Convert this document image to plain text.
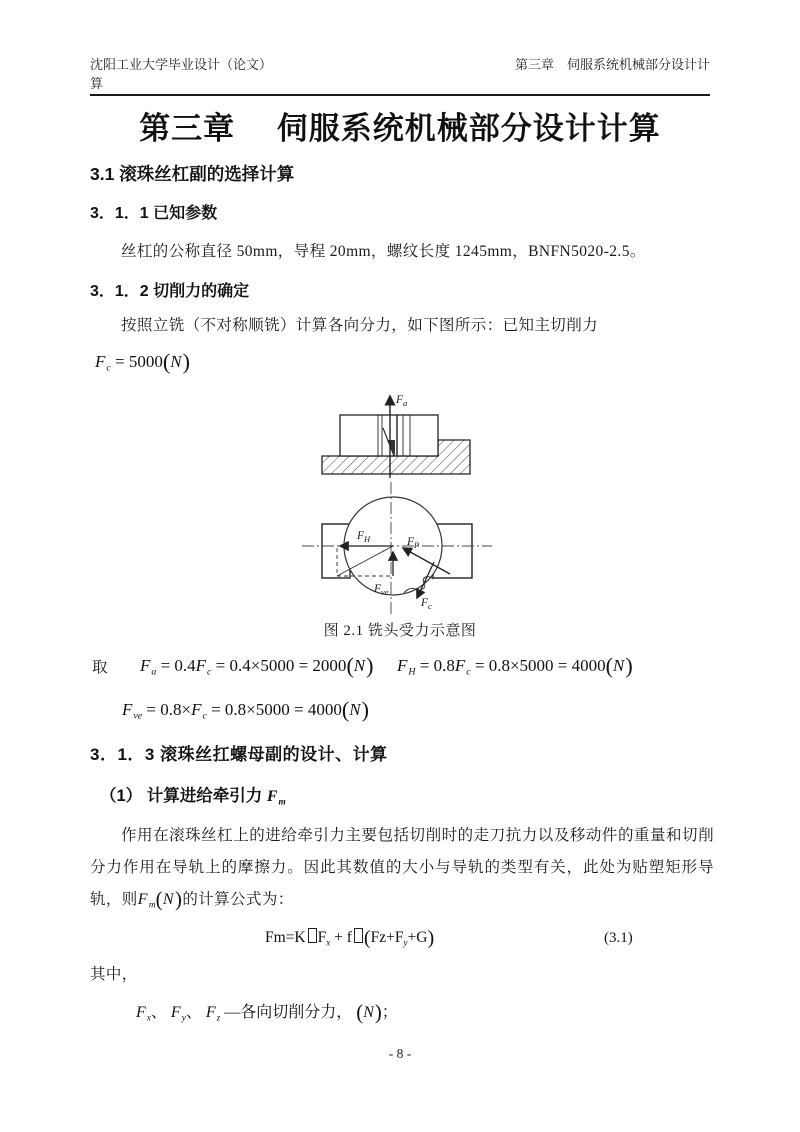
沈阳工业大学毕业设计（论文）	第三章　伺服系统机械部分设计计
算
第三章　 伺服系统机械部分设计计算
3.1 滚珠丝杠副的选择计算
3．1．1 已知参数
丝杠的公称直径 50mm，导程 20mm，螺纹长度 1245mm，BNFN5020-2.5。
3．1．2 切削力的确定
按照立铣（不对称顺铣）计算各向分力，如下图所示：已知主切削力
$F_c = 5000(N)$
$F_a$
$F_H$
$F_{ve}$
$F_P$
$F_c$
图 2.1 铣头受力示意图
取 $F_a = 0.4F_c = 0.4\times 5000 = 2000(N) F_H = 0.8F_c = 0.8\times 5000 = 4000(N)$
$F_{ve} = 0.8\times F_c = 0.8\times 5000 = 4000(N)$
3．1．3 滚珠丝扛螺母副的设计、计算
（1） 计算进给牵引力 $F_m$
作用在滚珠丝杠上的进给牵引力主要包括切削时的走刀抗力以及移动件的重量和切削分力作用在导轨上的摩擦力。因此其数值的大小与导轨的类型有关，此处为贴塑矩形导轨，则$F_m(N)$的计算公式为：
Fm=K $F_x + f$ $(Fz+F_y+G)$	(3.1)
其中，
$F_x$、 $F_y$、 $F_z$ —各向切削分力， (N)；
- 8 -
